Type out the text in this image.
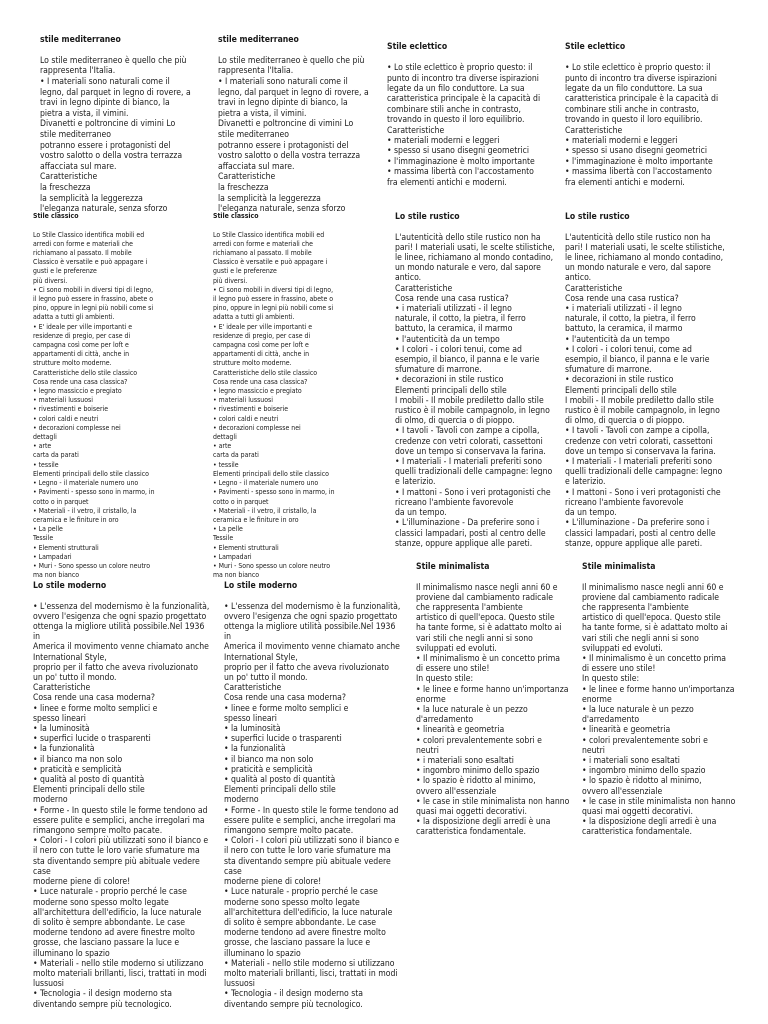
stile mediterraneo

Lo stile mediterraneo è quello che più
rappresenta l'Italia.
• I materiali sono naturali come il
legno, dal parquet in legno di rovere, a
travi in legno dipinte di bianco, la
pietra a vista, il vimini.
Divanetti e poltroncine di vimini Lo
stile mediterraneo
potranno essere i protagonisti del
vostro salotto o della vostra terrazza
affacciata sul mare.
Caratteristiche
la freschezza
la semplicità la leggerezza
l'eleganza naturale, senza sforzo

stile mediterraneo

Lo stile mediterraneo è quello che più
rappresenta l'Italia.
• I materiali sono naturali come il
legno, dal parquet in legno di rovere, a
travi in legno dipinte di bianco, la
pietra a vista, il vimini.
Divanetti e poltroncine di vimini Lo
stile mediterraneo
potranno essere i protagonisti del
vostro salotto o della vostra terrazza
affacciata sul mare.
Caratteristiche
la freschezza
la semplicità la leggerezza
l'eleganza naturale, senza sforzo

Stile eclettico

• Lo stile eclettico è proprio questo: il
punto di incontro tra diverse ispirazioni
legate da un filo conduttore. La sua
caratteristica principale è la capacità di
combinare stili anche in contrasto,
trovando in questo il loro equilibrio.
Caratteristiche
• materiali moderni e leggeri
• spesso si usano disegni geometrici
• l'immaginazione è molto importante
• massima libertà con l'accostamento
fra elementi antichi e moderni.

Stile eclettico

• Lo stile eclettico è proprio questo: il
punto di incontro tra diverse ispirazioni
legate da un filo conduttore. La sua
caratteristica principale è la capacità di
combinare stili anche in contrasto,
trovando in questo il loro equilibrio.
Caratteristiche
• materiali moderni e leggeri
• spesso si usano disegni geometrici
• l'immaginazione è molto importante
• massima libertà con l'accostamento
fra elementi antichi e moderni.

Stile classico

Lo Stile Classico identifica mobili ed
arredi con forme e materiali che
richiamano al passato. Il mobile
Classico è versatile e può appagare i
gusti e le preferenze
più diversi.
• Ci sono mobili in diversi tipi di legno,
il legno può essere in frassino, abete o
pino, oppure in legni più nobili come si
adatta a tutti gli ambienti.
• E' ideale per ville importanti e
residenze di pregio, per case di
campagna così come per loft e
appartamenti di città, anche in
strutture molto moderne.
Caratteristiche dello stile classico
Cosa rende una casa classica?
• legno massiccio e pregiato
• materiali lussuosi
• rivestimenti e boiserie
• colori caldi e neutri
• decorazioni complesse nei
dettagli
• arte
carta da parati
• tessile
Elementi principali dello stile classico
• Legno - il materiale numero uno
• Pavimenti - spesso sono in marmo, in
cotto o in parquet
• Materiali - il vetro, il cristallo, la
ceramica e le finiture in oro
• La pelle
Tessile
• Elementi strutturali
• Lampadari
• Muri - Sono spesso un colore neutro
ma non bianco

Stile classico

Lo Stile Classico identifica mobili ed
arredi con forme e materiali che
richiamano al passato. Il mobile
Classico è versatile e può appagare i
gusti e le preferenze
più diversi.
• Ci sono mobili in diversi tipi di legno,
il legno può essere in frassino, abete o
pino, oppure in legni più nobili come si
adatta a tutti gli ambienti.
• E' ideale per ville importanti e
residenze di pregio, per case di
campagna così come per loft e
appartamenti di città, anche in
strutture molto moderne.
Caratteristiche dello stile classico
Cosa rende una casa classica?
• legno massiccio e pregiato
• materiali lussuosi
• rivestimenti e boiserie
• colori caldi e neutri
• decorazioni complesse nei
dettagli
• arte
carta da parati
• tessile
Elementi principali dello stile classico
• Legno - il materiale numero uno
• Pavimenti - spesso sono in marmo, in
cotto o in parquet
• Materiali - il vetro, il cristallo, la
ceramica e le finiture in oro
• La pelle
Tessile
• Elementi strutturali
• Lampadari
• Muri - Sono spesso un colore neutro
ma non bianco

Lo stile rustico

L'autenticità dello stile rustico non ha
pari! I materiali usati, le scelte stilistiche,
le linee, richiamano al mondo contadino,
un mondo naturale e vero, dal sapore
antico.
Caratteristiche
Cosa rende una casa rustica?
• i materiali utilizzati - il legno
naturale, il cotto, la pietra, il ferro
battuto, la ceramica, il marmo
• l'autenticità da un tempo
• I colori - i colori tenui, come ad
esempio, il bianco, il panna e le varie
sfumature di marrone.
• decorazioni in stile rustico
Elementi principali dello stile
I mobili - Il mobile prediletto dallo stile
rustico è il mobile campagnolo, in legno
di olmo, di quercia o di pioppo.
• I tavoli - Tavoli con zampe a cipolla,
credenze con vetri colorati, cassettoni
dove un tempo si conservava la farina.
• I materiali - I materiali preferiti sono
quelli tradizionali delle campagne: legno
e laterizio.
• I mattoni - Sono i veri protagonisti che
ricreano l'ambiente favorevole
da un tempo.
• L'illuminazione - Da preferire sono i
classici lampadari, posti al centro delle
stanze, oppure applique alle pareti.

Lo stile rustico

L'autenticità dello stile rustico non ha
pari! I materiali usati, le scelte stilistiche,
le linee, richiamano al mondo contadino,
un mondo naturale e vero, dal sapore
antico.
Caratteristiche
Cosa rende una casa rustica?
• i materiali utilizzati - il legno
naturale, il cotto, la pietra, il ferro
battuto, la ceramica, il marmo
• l'autenticità da un tempo
• I colori - i colori tenui, come ad
esempio, il bianco, il panna e le varie
sfumature di marrone.
• decorazioni in stile rustico
Elementi principali dello stile
I mobili - Il mobile prediletto dallo stile
rustico è il mobile campagnolo, in legno
di olmo, di quercia o di pioppo.
• I tavoli - Tavoli con zampe a cipolla,
credenze con vetri colorati, cassettoni
dove un tempo si conservava la farina.
• I materiali - I materiali preferiti sono
quelli tradizionali delle campagne: legno
e laterizio.
• I mattoni - Sono i veri protagonisti che
ricreano l'ambiente favorevole
da un tempo.
• L'illuminazione - Da preferire sono i
classici lampadari, posti al centro delle
stanze, oppure applique alle pareti.

Lo stile moderno

• L'essenza del modernismo è la funzionalità,
ovvero l'esigenza che ogni spazio progettato
ottenga la migliore utilità possibile.Nel 1936
in
America il movimento venne chiamato anche
International Style,
proprio per il fatto che aveva rivoluzionato
un po' tutto il mondo.
Caratteristiche
Cosa rende una casa moderna?
• linee e forme molto semplici e
spesso lineari
• la luminosità
• superfici lucide o trasparenti
• la funzionalità
• il bianco ma non solo
• praticità e semplicità
• qualità al posto di quantità
Elementi principali dello stile
moderno
• Forme - In questo stile le forme tendono ad
essere pulite e semplici, anche irregolari ma
rimangono sempre molto pacate.
• Colori - I colori più utilizzati sono il bianco e
il nero con tutte le loro varie sfumature ma
sta diventando sempre più abituale vedere
case
moderne piene di colore!
• Luce naturale - proprio perché le case
moderne sono spesso molto legate
all'architettura dell'edificio, la luce naturale
di solito è sempre abbondante. Le case
moderne tendono ad avere finestre molto
grosse, che lasciano passare la luce e
illuminano lo spazio
• Materiali - nello stile moderno si utilizzano
molto materiali brillanti, lisci, trattati in modi
lussuosi
• Tecnologia - il design moderno sta
diventando sempre più tecnologico.

Lo stile moderno

• L'essenza del modernismo è la funzionalità,
ovvero l'esigenza che ogni spazio progettato
ottenga la migliore utilità possibile.Nel 1936
in
America il movimento venne chiamato anche
International Style,
proprio per il fatto che aveva rivoluzionato
un po' tutto il mondo.
Caratteristiche
Cosa rende una casa moderna?
• linee e forme molto semplici e
spesso lineari
• la luminosità
• superfici lucide o trasparenti
• la funzionalità
• il bianco ma non solo
• praticità e semplicità
• qualità al posto di quantità
Elementi principali dello stile
moderno
• Forme - In questo stile le forme tendono ad
essere pulite e semplici, anche irregolari ma
rimangono sempre molto pacate.
• Colori - I colori più utilizzati sono il bianco e
il nero con tutte le loro varie sfumature ma
sta diventando sempre più abituale vedere
case
moderne piene di colore!
• Luce naturale - proprio perché le case
moderne sono spesso molto legate
all'architettura dell'edificio, la luce naturale
di solito è sempre abbondante. Le case
moderne tendono ad avere finestre molto
grosse, che lasciano passare la luce e
illuminano lo spazio
• Materiali - nello stile moderno si utilizzano
molto materiali brillanti, lisci, trattati in modi
lussuosi
• Tecnologia - il design moderno sta
diventando sempre più tecnologico.

Stile minimalista

Il minimalismo nasce negli anni 60 e
proviene dal cambiamento radicale
che rappresenta l'ambiente
artistico di quell'epoca. Questo stile
ha tante forme, si è adattato molto ai
vari stili che negli anni si sono
sviluppati ed evoluti.
• Il minimalismo è un concetto prima
di essere uno stile!
In questo stile:
• le linee e forme hanno un'importanza
enorme
• la luce naturale è un pezzo
d'arredamento
• linearità e geometria
• colori prevalentemente sobri e
neutri
• i materiali sono esaltati
• ingombro minimo dello spazio
• lo spazio è ridotto al minimo,
ovvero all'essenziale
• le case in stile minimalista non hanno
quasi mai oggetti decorativi.
• la disposizione degli arredi è una
caratteristica fondamentale.

Stile minimalista

Il minimalismo nasce negli anni 60 e
proviene dal cambiamento radicale
che rappresenta l'ambiente
artistico di quell'epoca. Questo stile
ha tante forme, si è adattato molto ai
vari stili che negli anni si sono
sviluppati ed evoluti.
• Il minimalismo è un concetto prima
di essere uno stile!
In questo stile:
• le linee e forme hanno un'importanza
enorme
• la luce naturale è un pezzo
d'arredamento
• linearità e geometria
• colori prevalentemente sobri e
neutri
• i materiali sono esaltati
• ingombro minimo dello spazio
• lo spazio è ridotto al minimo,
ovvero all'essenziale
• le case in stile minimalista non hanno
quasi mai oggetti decorativi.
• la disposizione degli arredi è una
caratteristica fondamentale.
